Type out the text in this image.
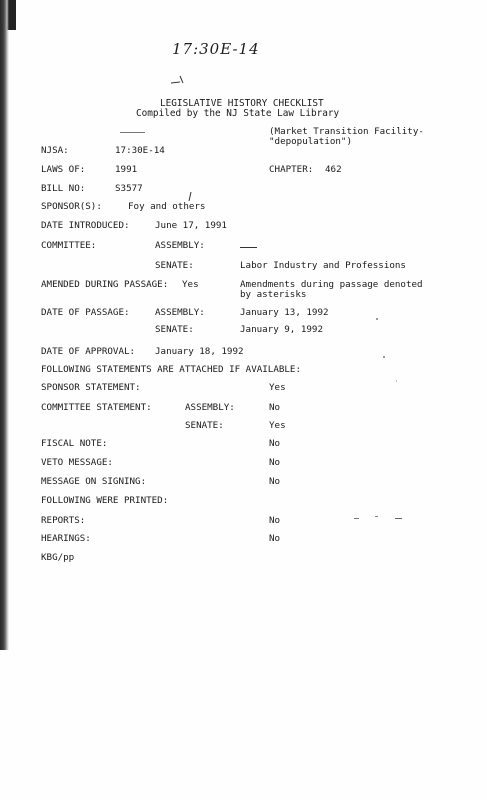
17:30E-14
LEGISLATIVE HISTORY CHECKLIST
Compiled by the NJ State Law Library
(Market Transition Facility-
"depopulation")
NJSA:	17:30E-14
LAWS OF:	1991	CHAPTER: 462
BILL NO:	S3577
SPONSOR(S):	Foy and others
DATE INTRODUCED:	June 17, 1991
COMMITTEE:	ASSEMBLY:
SENATE:	Labor Industry and Professions
AMENDED DURING PASSAGE: Yes	Amendments during passage denoted
by asterisks
DATE OF PASSAGE:	ASSEMBLY:	January 13, 1992
SENATE:	January 9, 1992
DATE OF APPROVAL: January 18, 1992
FOLLOWING STATEMENTS ARE ATTACHED IF AVAILABLE:
SPONSOR STATEMENT:	Yes
COMMITTEE STATEMENT:	ASSEMBLY:	No
SENATE:	Yes
FISCAL NOTE:	No
VETO MESSAGE:	No
MESSAGE ON SIGNING:	No
FOLLOWING WERE PRINTED:
REPORTS:	No
HEARINGS:	No
KBG/pp
